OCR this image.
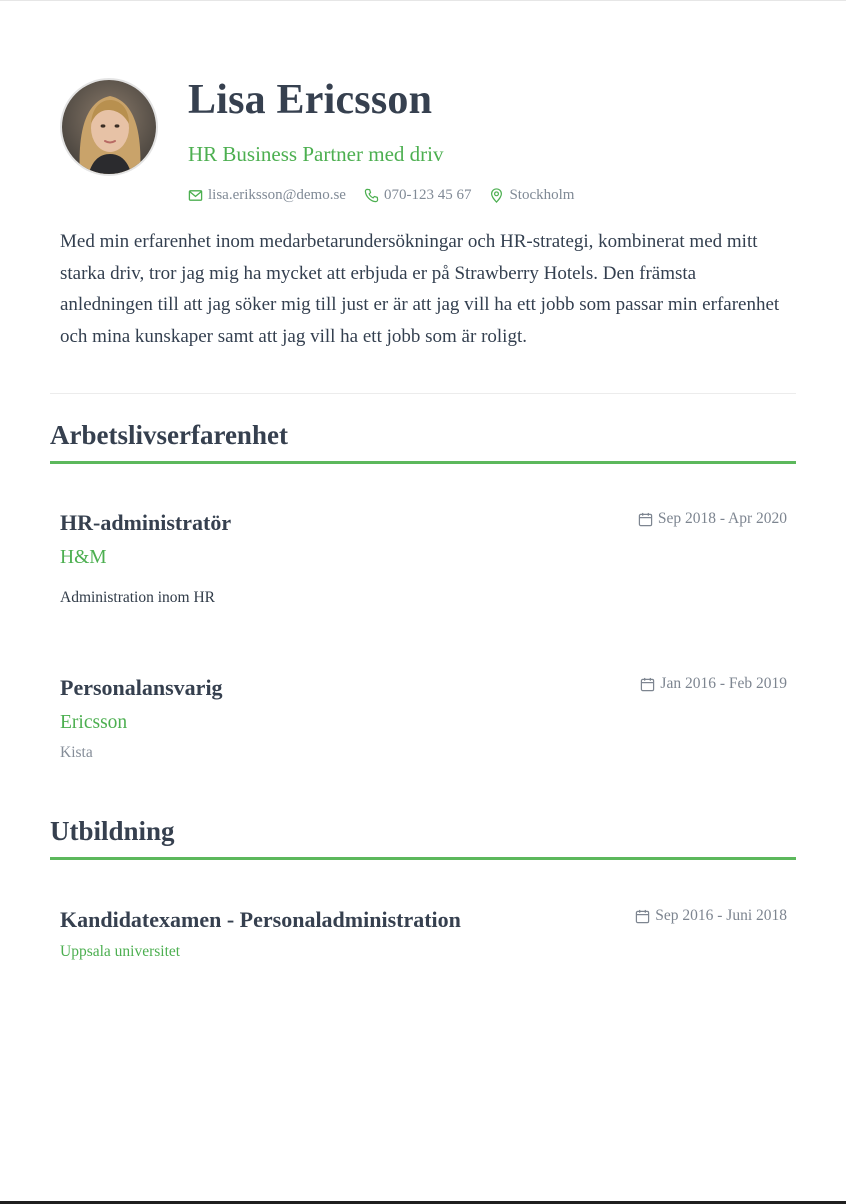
Lisa Ericsson
HR Business Partner med driv
lisa.eriksson@demo.se	070-123 45 67	Stockholm
Med min erfarenhet inom medarbetarundersökningar och HR-strategi, kombinerat med mitt starka driv, tror jag mig ha mycket att erbjuda er på Strawberry Hotels. Den främsta anledningen till att jag söker mig till just er är att jag vill ha ett jobb som passar min erfarenhet och mina kunskaper samt att jag vill ha ett jobb som är roligt.
Arbetslivserfarenhet
HR-administratör	Sep 2018 - Apr 2020
H&M
Administration inom HR
Personalansvarig	Jan 2016 - Feb 2019
Ericsson
Kista
Utbildning
Kandidatexamen - Personaladministration	Sep 2016 - Juni 2018
Uppsala universitet
